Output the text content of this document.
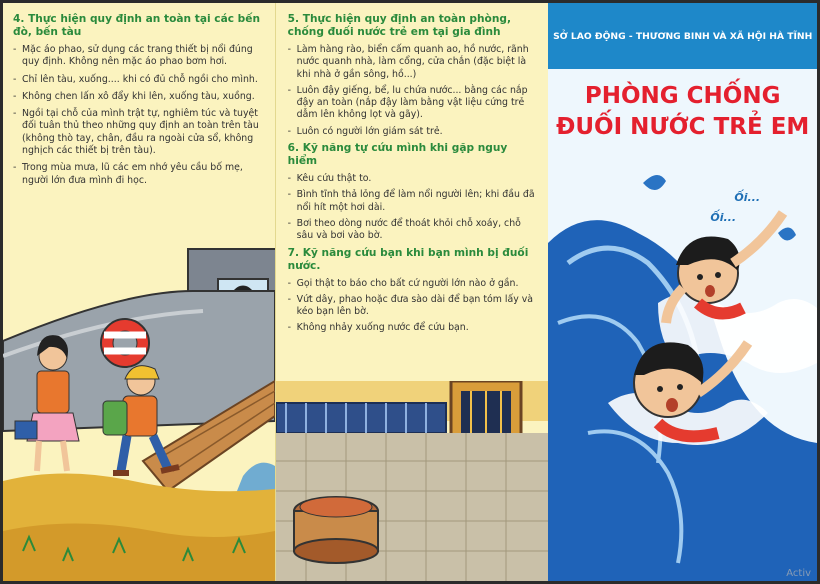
4. Thực hiện quy định an toàn tại các bến đò, bến tàu
- Mặc áo phao, sử dụng các trang thiết bị nổi đúng quy định. Không nên mặc áo phao bơm hơi.
- Chỉ lên tàu, xuống.... khi có đủ chỗ ngồi cho mình.
- Không chen lấn xô đẩy khi lên, xuống tàu, xuồng.
- Ngồi tại chỗ của mình trật tự, nghiêm túc và tuyệt đối tuân thủ theo những quy định an toàn trên tàu (không thò tay, chân, đầu ra ngoài cửa sổ, không nghịch các thiết bị trên tàu).
- Trong mùa mưa, lũ các em nhớ yêu cầu bố mẹ, người lớn đưa mình đi học.
5. Thực hiện quy định an toàn phòng, chống đuối nước trẻ em tại gia đình
- Làm hàng rào, biển cấm quanh ao, hồ nước, rãnh nước quanh nhà, làm cổng, cửa chắn (đặc biệt là khi nhà ở gần sông, hồ...)
- Luôn đậy giếng, bể, lu chứa nước... bằng các nắp đậy an toàn (nắp đậy làm bằng vật liệu cứng trẻ dẫm lên không lọt và gãy).
- Luôn có người lớn giám sát trẻ.
6. Kỹ năng tự cứu mình khi gặp nguy hiểm
- Kêu cứu thật to.
- Bình tĩnh thả lỏng để làm nổi người lên; khi đầu đã nổi hít một hơi dài.
- Bơi theo dòng nước để thoát khỏi chỗ xoáy, chỗ sâu và bơi vào bờ.
7. Kỹ năng cứu bạn khi bạn mình bị đuối nước.
- Gọi thật to báo cho bất cứ người lớn nào ở gần.
- Vứt dây, phao hoặc đưa sào dài để bạn tóm lấy và kéo bạn lên bờ.
- Không nhảy xuống nước để cứu bạn.
SỞ LAO ĐỘNG - THƯƠNG BINH VÀ XÃ HỘI HÀ TĨNH
PHÒNG CHỐNG
ĐUỐI NƯỚC TRẺ EM
Ối...
Ối...
Activ
